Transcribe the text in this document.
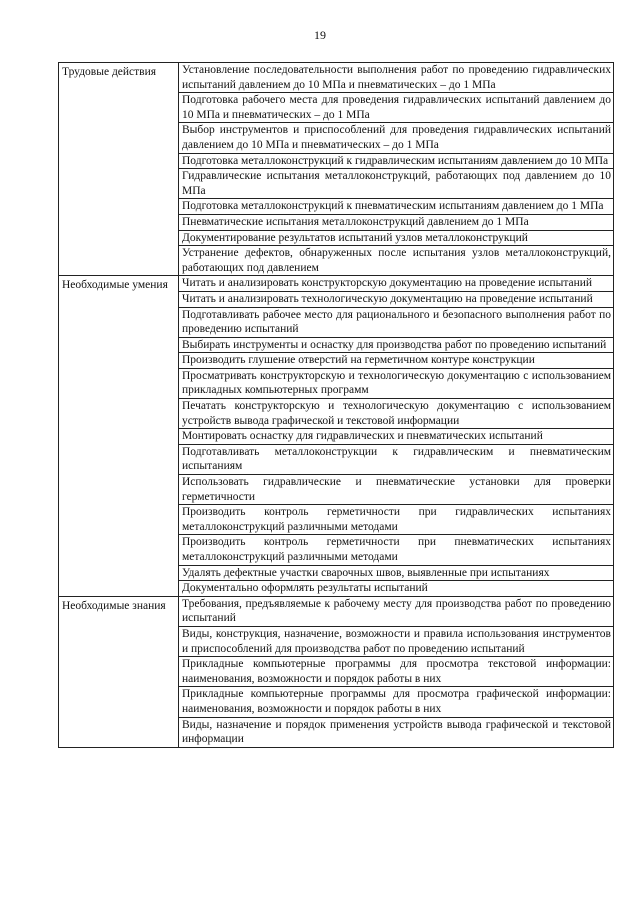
19
Трудовые действия	Установление последовательности выполнения работ по проведению гидравлических испытаний давлением до 10 МПа и пневматических – до 1 МПа
	Подготовка рабочего места для проведения гидравлических испытаний давлением до 10 МПа и пневматических – до 1 МПа
	Выбор инструментов и приспособлений для проведения гидравлических испытаний давлением до 10 МПа и пневматических – до 1 МПа
	Подготовка металлоконструкций к гидравлическим испытаниям давлением до 10 МПа
	Гидравлические испытания металлоконструкций, работающих под давлением до 10 МПа
	Подготовка металлоконструкций к пневматическим испытаниям давлением до 1 МПа
	Пневматические испытания металлоконструкций давлением до 1 МПа
	Документирование результатов испытаний узлов металлоконструкций
	Устранение дефектов, обнаруженных после испытания узлов металлоконструкций, работающих под давлением
Необходимые умения	Читать и анализировать конструкторскую документацию на проведение испытаний
	Читать и анализировать технологическую документацию на проведение испытаний
	Подготавливать рабочее место для рационального и безопасного выполнения работ по проведению испытаний
	Выбирать инструменты и оснастку для производства работ по проведению испытаний
	Производить глушение отверстий на герметичном контуре конструкции
	Просматривать конструкторскую и технологическую документацию с использованием прикладных компьютерных программ
	Печатать конструкторскую и технологическую документацию с использованием устройств вывода графической и текстовой информации
	Монтировать оснастку для гидравлических и пневматических испытаний
	Подготавливать металлоконструкции к гидравлическим и пневматическим испытаниям
	Использовать гидравлические и пневматические установки для проверки герметичности
	Производить контроль герметичности при гидравлических испытаниях металлоконструкций различными методами
	Производить контроль герметичности при пневматических испытаниях металлоконструкций различными методами
	Удалять дефектные участки сварочных швов, выявленные при испытаниях
	Документально оформлять результаты испытаний
Необходимые знания	Требования, предъявляемые к рабочему месту для производства работ по проведению испытаний
	Виды, конструкция, назначение, возможности и правила использования инструментов и приспособлений для производства работ по проведению испытаний
	Прикладные компьютерные программы для просмотра текстовой информации: наименования, возможности и порядок работы в них
	Прикладные компьютерные программы для просмотра графической информации: наименования, возможности и порядок работы в них
	Виды, назначение и порядок применения устройств вывода графической и текстовой информации
